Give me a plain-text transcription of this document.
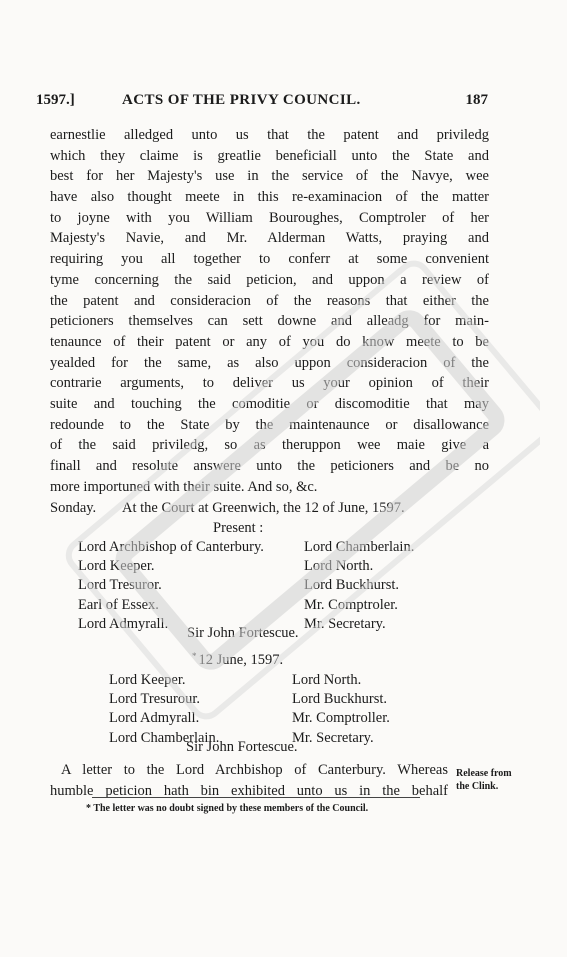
1597.]	ACTS OF THE PRIVY COUNCIL.	187
earnestlie alledged unto us that the patent and priviledg
which they claime is greatlie beneficiall unto the State and
best for her Majesty's use in the service of the Navye, wee
have also thought meete in this re-examinacion of the matter
to joyne with you William Bouroughes, Comptroler of her
Majesty's Navie, and Mr. Alderman Watts, praying and
requiring you all together to conferr at some convenient
tyme concerning the said peticion, and uppon a review of
the patent and consideracion of the reasons that either the
peticioners themselves can sett downe and alleadg for main-
tenaunce of their patent or any of you do know meete to be
yealded for the same, as also uppon consideracion of the
contrarie arguments, to deliver us your opinion of their
suite and touching the comoditie or discomoditie that may
redounde to the State by the maintenaunce or disallowance
of the said priviledg, so as theruppon wee maie give a
finall and resolute answere unto the peticioners and be no
more importuned with their suite. And so, &c.
Sonday. At the Court at Greenwich, the 12 of June, 1597.
Present :
Lord Archbishop of Canterbury.	Lord Chamberlain.
Lord Keeper.	Lord North.
Lord Tresuror.	Lord Buckhurst.
Earl of Essex.	Mr. Comptroler.
Lord Admyrall.	Mr. Secretary.
Sir John Fortescue.
* 12 June, 1597.
Lord Keeper.	Lord North.
Lord Tresurour.	Lord Buckhurst.
Lord Admyrall.	Mr. Comptroller.
Lord Chamberlain.	Mr. Secretary.
Sir John Fortescue.
A letter to the Lord Archbishop of Canterbury. Whereas
humble peticion hath bin exhibited unto us in the behalf
Release from
the Clink.
* The letter was no doubt signed by these members of the Council.
